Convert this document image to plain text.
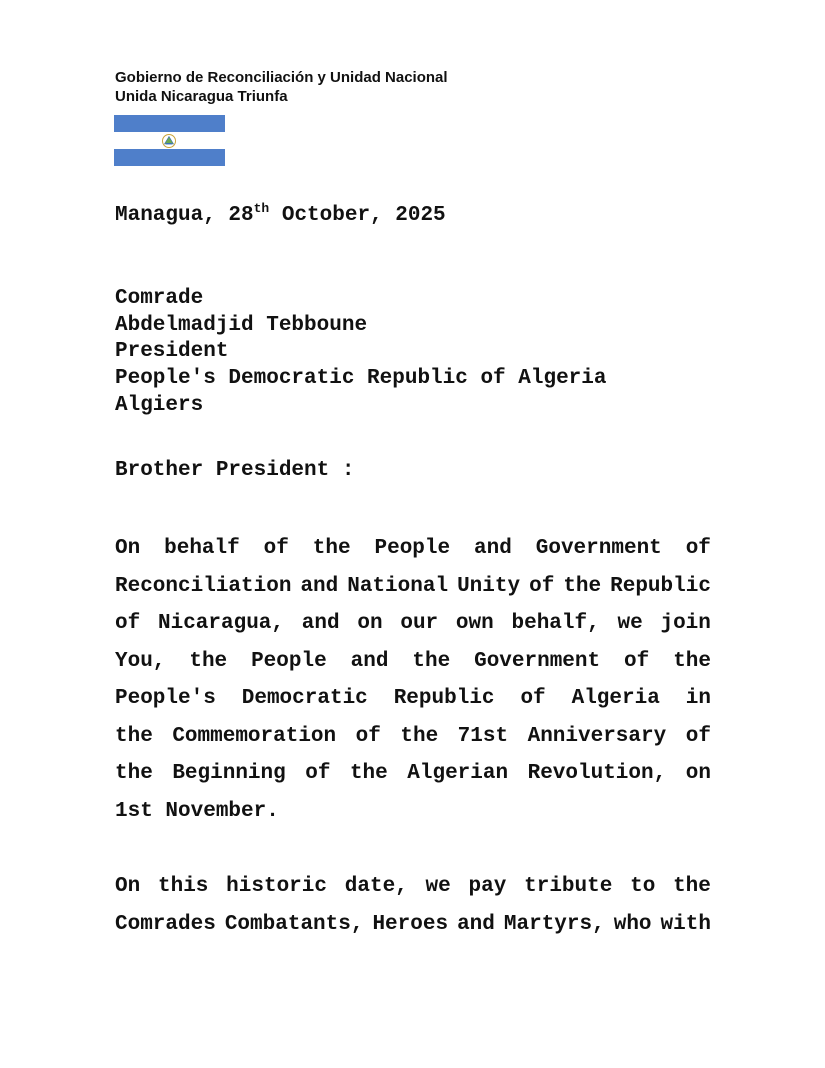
Gobierno de Reconciliación y Unidad Nacional
Unida Nicaragua Triunfa
Managua, 28th October, 2025
Comrade
Abdelmadjid Tebboune
President
People's Democratic Republic of Algeria
Algiers
Brother President :
On behalf of the People and Government of
Reconciliation and National Unity of the Republic
of Nicaragua, and on our own behalf, we join
You, the People and the Government of the
People's Democratic Republic of Algeria in
the Commemoration of the 71st Anniversary of
the Beginning of the Algerian Revolution, on
1st November.
On this historic date, we pay tribute to the
Comrades Combatants, Heroes and Martyrs, who with
